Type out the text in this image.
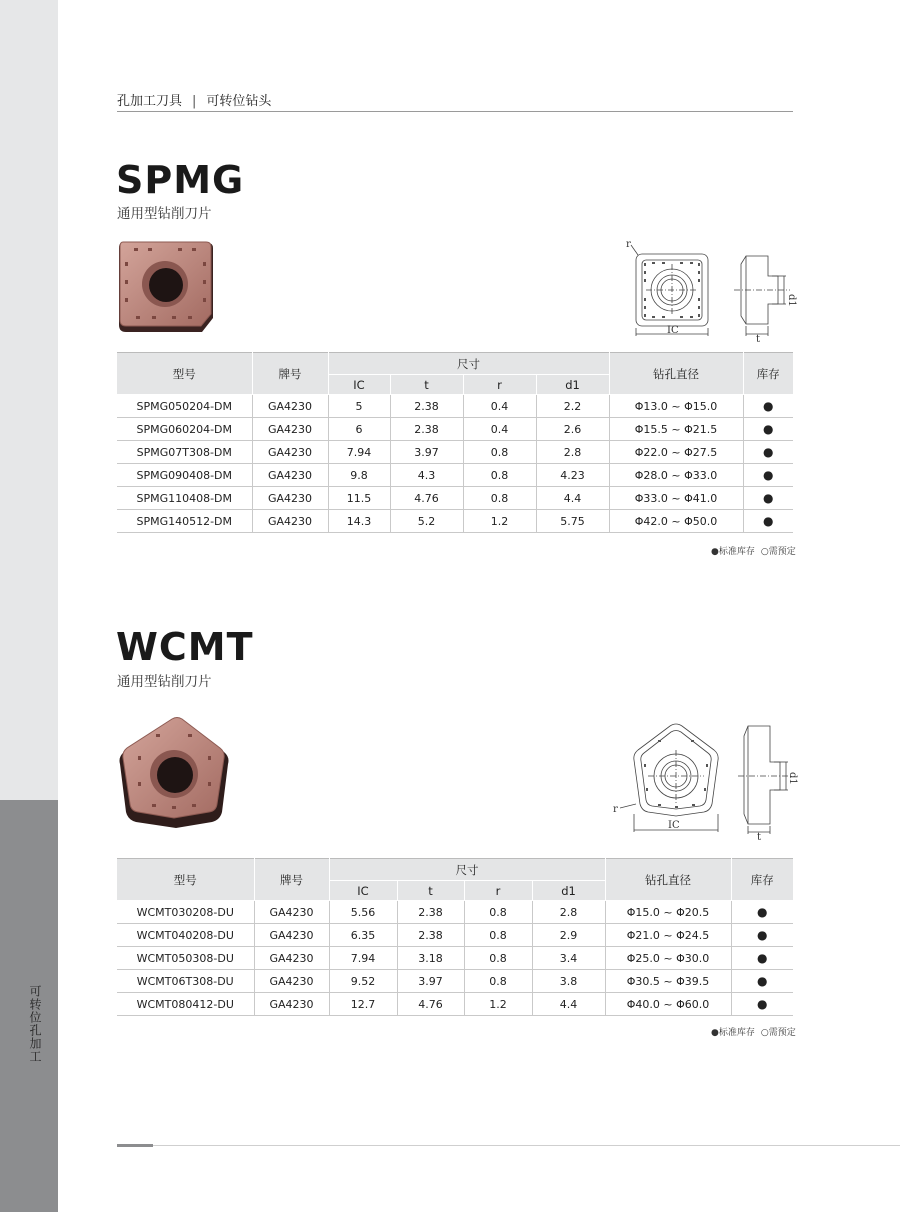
可转位孔加工
孔加工刀具 | 可转位钻头
SPMG
通用型钻削刀片
r
IC
d1
t
型号	牌号	尺寸				钻孔直径	库存
		IC	t	r	d1		
SPMG050204-DM	GA4230	5	2.38	0.4	2.2	Φ13.0 ~ Φ15.0	●
SPMG060204-DM	GA4230	6	2.38	0.4	2.6	Φ15.5 ~ Φ21.5	●
SPMG07T308-DM	GA4230	7.94	3.97	0.8	2.8	Φ22.0 ~ Φ27.5	●
SPMG090408-DM	GA4230	9.8	4.3	0.8	4.23	Φ28.0 ~ Φ33.0	●
SPMG110408-DM	GA4230	11.5	4.76	0.8	4.4	Φ33.0 ~ Φ41.0	●
SPMG140512-DM	GA4230	14.3	5.2	1.2	5.75	Φ42.0 ~ Φ50.0	●
●标准库存 ○需预定
WCMT
通用型钻削刀片
r
IC
d1
t
型号	牌号	尺寸				钻孔直径	库存
		IC	t	r	d1		
WCMT030208-DU	GA4230	5.56	2.38	0.8	2.8	Φ15.0 ~ Φ20.5	●
WCMT040208-DU	GA4230	6.35	2.38	0.8	2.9	Φ21.0 ~ Φ24.5	●
WCMT050308-DU	GA4230	7.94	3.18	0.8	3.4	Φ25.0 ~ Φ30.0	●
WCMT06T308-DU	GA4230	9.52	3.97	0.8	3.8	Φ30.5 ~ Φ39.5	●
WCMT080412-DU	GA4230	12.7	4.76	1.2	4.4	Φ40.0 ~ Φ60.0	●
●标准库存 ○需预定
